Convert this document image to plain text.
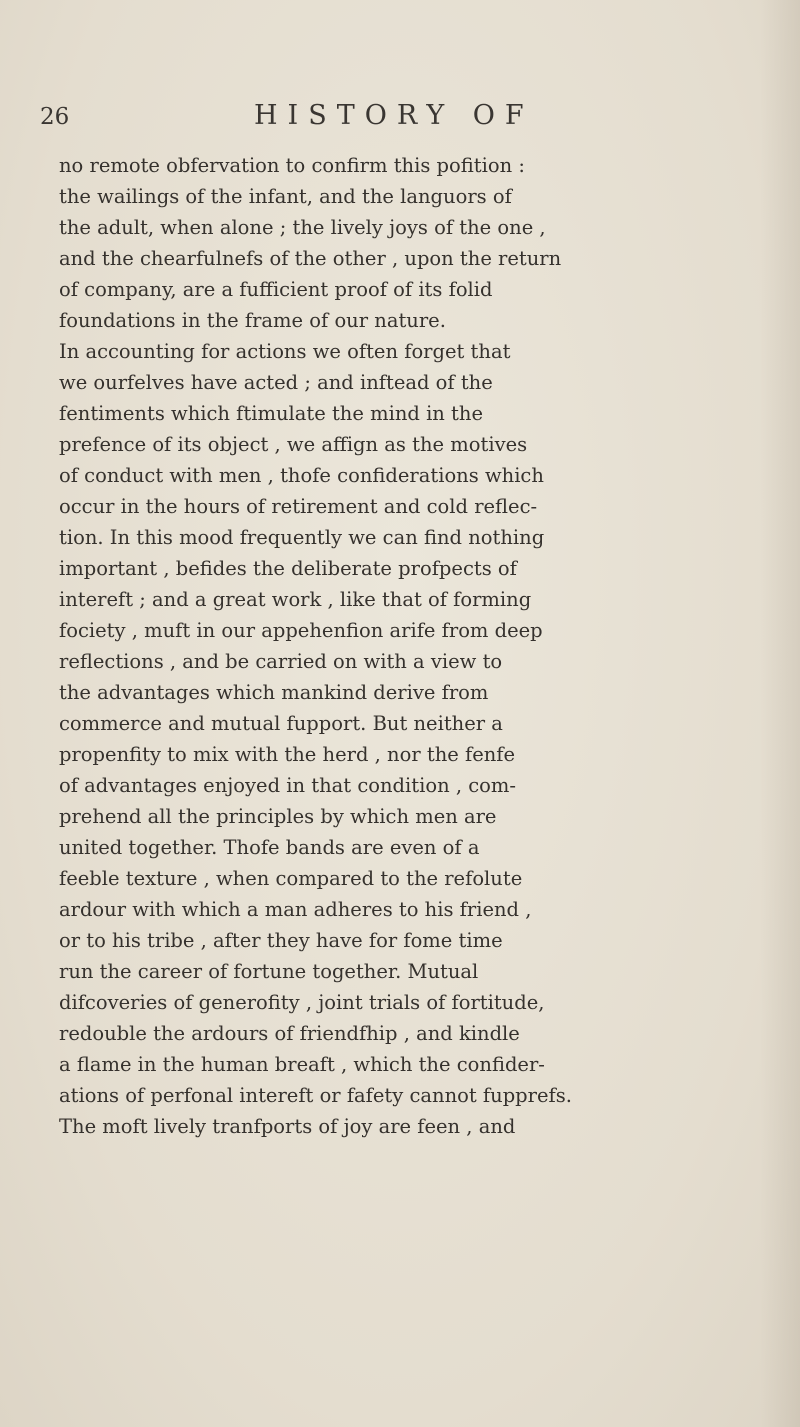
26	HISTORY OF
no remote obfervation to confirm this pofition :
the wailings of the infant, and the languors of
the adult, when alone ; the lively joys of the one ,
and the chearfulnefs of the other , upon the return
of company, are a fufficient proof of its folid
foundations in the frame of our nature.
In accounting for actions we often forget that
we ourfelves have acted ; and inftead of the
fentiments which ftimulate the mind in the
prefence of its object , we affign as the motives
of conduct with men , thofe confiderations which
occur in the hours of retirement and cold reflec-
tion. In this mood frequently we can find nothing
important , befides the deliberate profpects of
intereft ; and a great work , like that of forming
fociety , muft in our appehenfion arife from deep
reflections , and be carried on with a view to
the advantages which mankind derive from
commerce and mutual fupport. But neither a
propenfity to mix with the herd , nor the fenfe
of advantages enjoyed in that condition , com-
prehend all the principles by which men are
united together. Thofe bands are even of a
feeble texture , when compared to the refolute
ardour with which a man adheres to his friend ,
or to his tribe , after they have for fome time
run the career of fortune together. Mutual
difcoveries of generofity , joint trials of fortitude,
redouble the ardours of friendfhip , and kindle
a flame in the human breaft , which the confider-
ations of perfonal intereft or fafety cannot fupprefs.
The moft lively tranfports of joy are feen , and
